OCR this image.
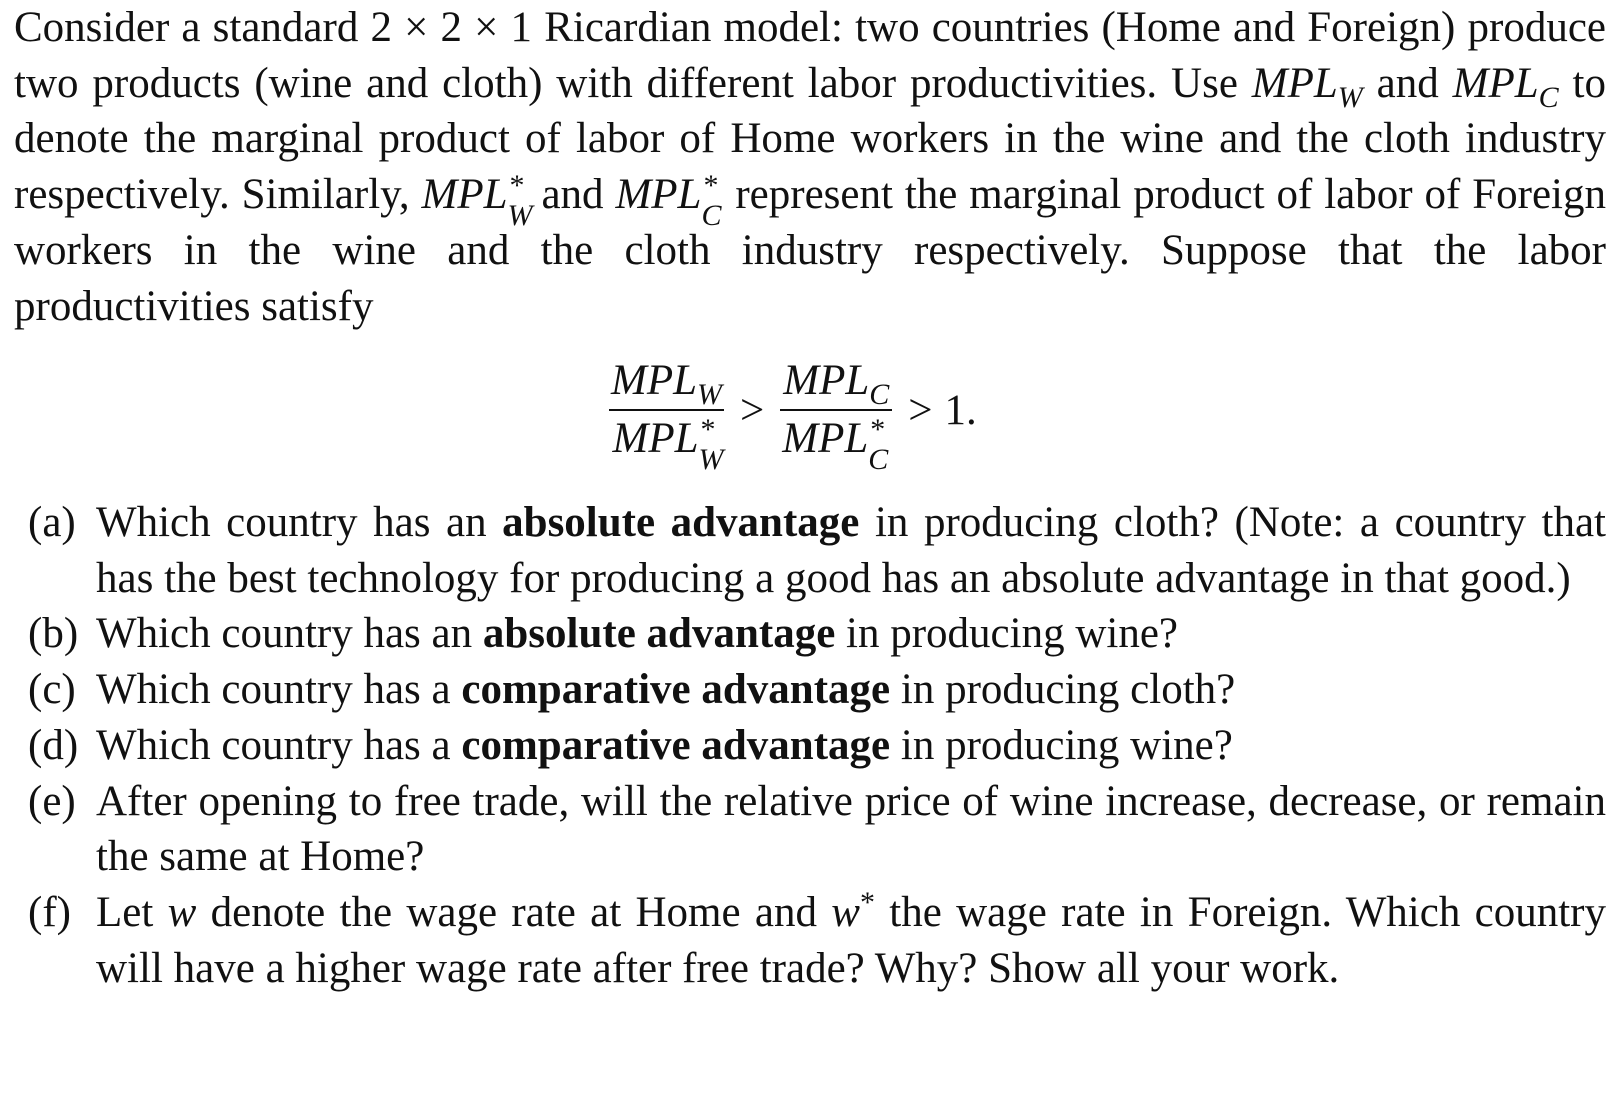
Consider a standard 2 × 2 × 1 Ricardian model: two countries (Home and Foreign) produce two products (wine and cloth) with different labor productivities. Use $MPL_W$ and $MPL_C$ to denote the marginal product of labor of Home workers in the wine and the cloth industry respectively. Similarly, MPL *
W
and MPL *
C represent the marginal product of labor of Foreign workers in the wine and the cloth industry respectively. Suppose that the labor productivities satisfy

$MPL_W$
MPL *
$W > MPL_C$
MPL *
C > 1.
(a) Which country has an absolute advantage in producing cloth? (Note: a country that has the best technology for producing a good has an absolute advantage in that good.)
(b) Which country has an absolute advantage in producing wine?
(c) Which country has a comparative advantage in producing cloth?
(d) Which country has a comparative advantage in producing wine?
(e) After opening to free trade, will the relative price of wine increase, decrease, or remain the same at Home?
(f) Let w denote the wage rate at Home and w* the wage rate in Foreign. Which country will have a higher wage rate after free trade? Why? Show all your work.
